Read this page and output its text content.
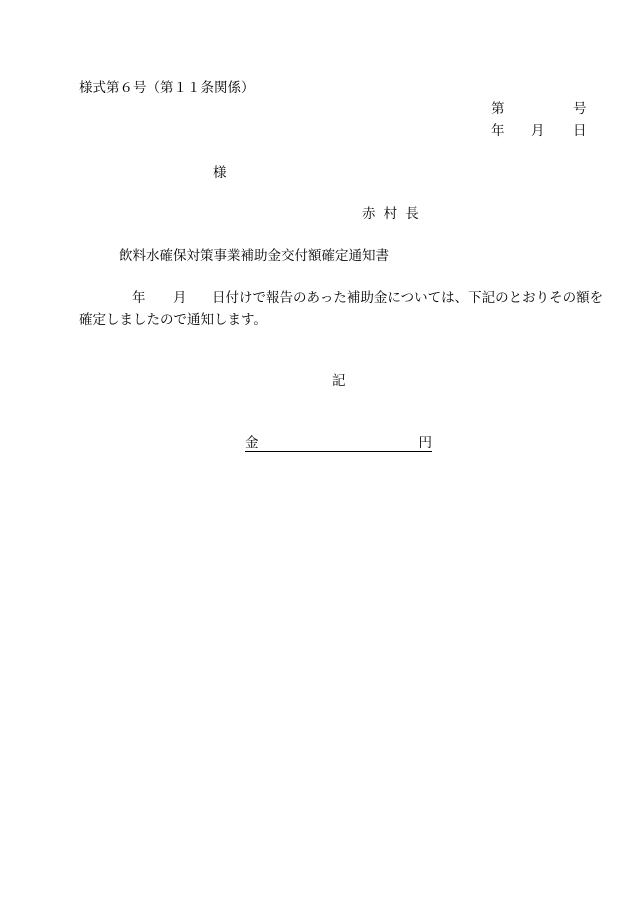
様式第６号（第１１条関係）
第	号
年 月 日
様
赤村長
飲料水確保対策事業補助金交付額確定通知書
年 月 日付けで報告のあった補助金については、下記のとおりその額を
確定しましたので通知します。
記
金	円
